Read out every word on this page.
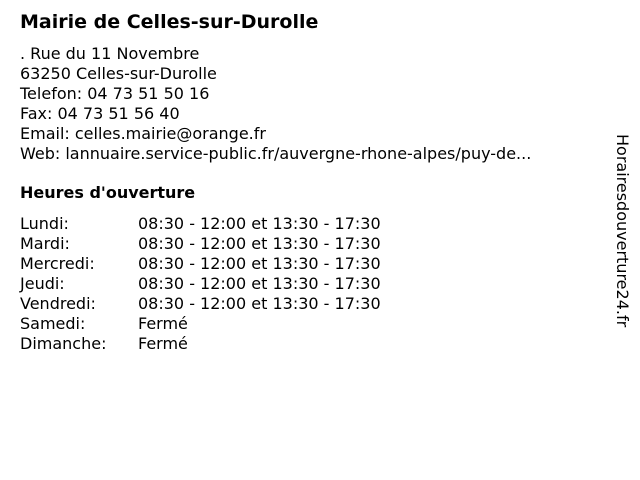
Mairie de Celles-sur-Durolle
. Rue du 11 Novembre
63250 Celles-sur-Durolle
Telefon: 04 73 51 50 16
Fax: 04 73 51 56 40
Email: celles.mairie@orange.fr
Web: lannuaire.service-public.fr/auvergne-rhone-alpes/puy-de...
Heures d'ouverture
Lundi:	08:30 - 12:00 et 13:30 - 17:30
Mardi:	08:30 - 12:00 et 13:30 - 17:30
Mercredi:	08:30 - 12:00 et 13:30 - 17:30
Jeudi:	08:30 - 12:00 et 13:30 - 17:30
Vendredi:	08:30 - 12:00 et 13:30 - 17:30
Samedi:	Fermé
Dimanche: Fermé
Horairesdouverture24.fr
